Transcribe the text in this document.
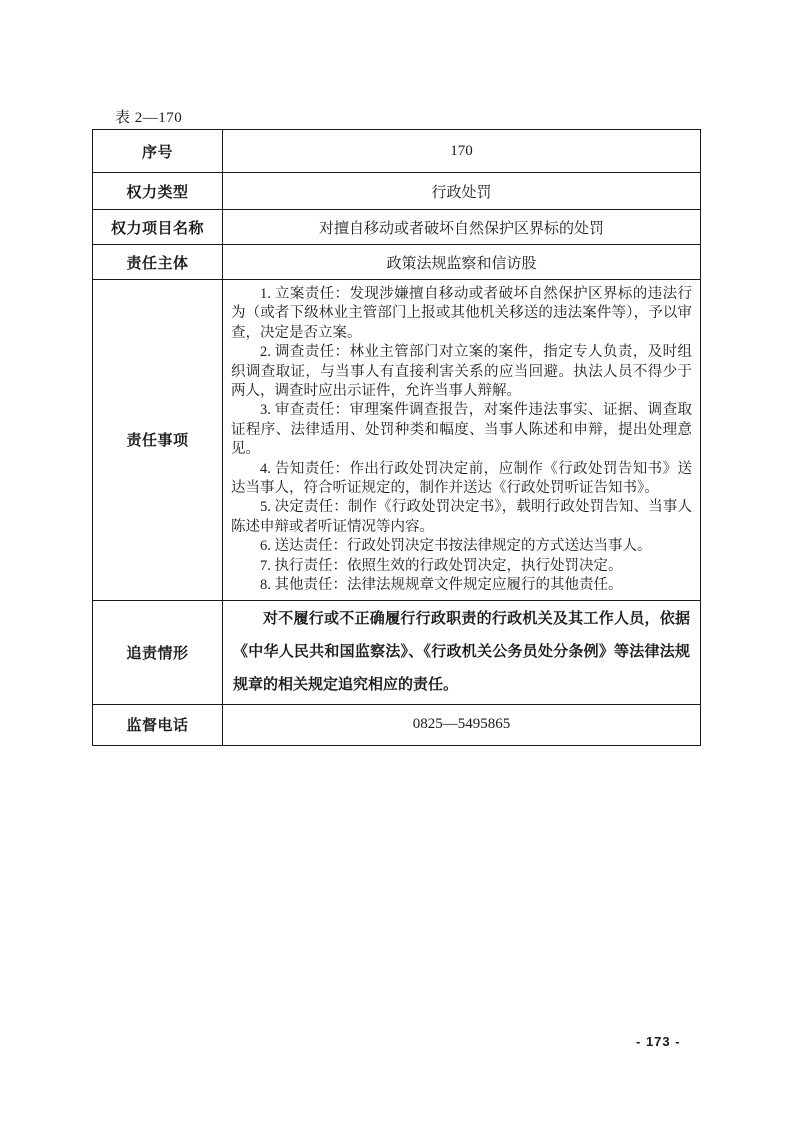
表 2—170
序号	170
权力类型	行政处罚
权力项目名称	对擅自移动或者破坏自然保护区界标的处罚
责任主体	政策法规监察和信访股
责任事项	

1. 立案责任：发现涉嫌擅自移动或者破坏自然保护区界标的违法行为（或者下级林业主管部门上报或其他机关移送的违法案件等），予以审查，决定是否立案。

2. 调查责任：林业主管部门对立案的案件，指定专人负责，及时组织调查取证，与当事人有直接利害关系的应当回避。执法人员不得少于两人，调查时应出示证件，允许当事人辩解。

3. 审查责任：审理案件调查报告，对案件违法事实、证据、调查取证程序、法律适用、处罚种类和幅度、当事人陈述和申辩，提出处理意见。

4. 告知责任：作出行政处罚决定前，应制作《行政处罚告知书》送达当事人，符合听证规定的，制作并送达《行政处罚听证告知书》。

5. 决定责任：制作《行政处罚决定书》，载明行政处罚告知、当事人陈述申辩或者听证情况等内容。

6. 送达责任：行政处罚决定书按法律规定的方式送达当事人。

7. 执行责任：依照生效的行政处罚决定，执行处罚决定。

8. 其他责任：法律法规规章文件规定应履行的其他责任。

追责情形	对不履行或不正确履行行政职责的行政机关及其工作人员，依据《中华人民共和国监察法》、《行政机关公务员处分条例》等法律法规规章的相关规定追究相应的责任。

监督电话	0825—5495865
- 173 -
